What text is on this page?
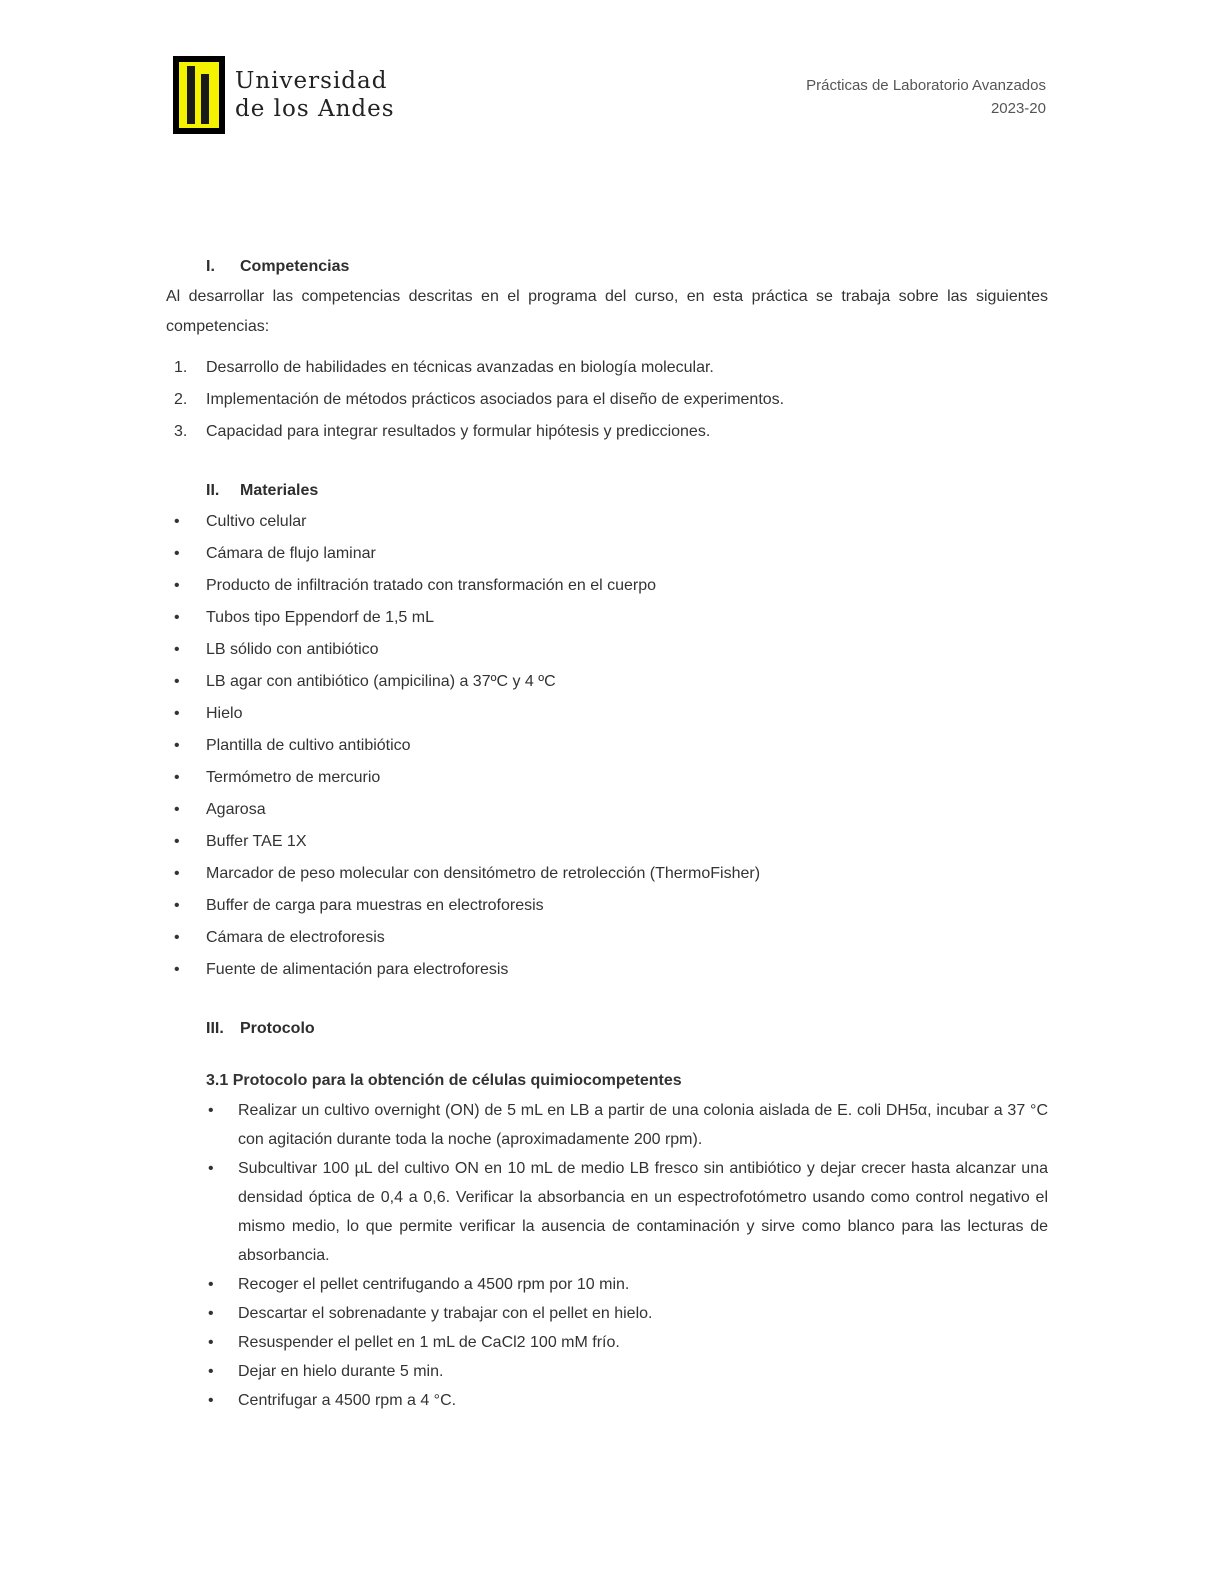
Universidad
de los Andes
Prácticas de Laboratorio Avanzados
2023-20
I. Competencias

Al desarrollar las competencias descritas en el programa del curso, en esta práctica se trabaja sobre las siguientes competencias:

1.	Desarrollo de habilidades en técnicas avanzadas en biología molecular.
2.	Implementación de métodos prácticos asociados para el diseño de experimentos.
3.	Capacidad para integrar resultados y formular hipótesis y predicciones.
II. Materiales
•	Cultivo celular
•	Cámara de flujo laminar
•	Producto de infiltración tratado con transformación en el cuerpo
•	Tubos tipo Eppendorf de 1,5 mL
•	LB sólido con antibiótico
•	LB agar con antibiótico (ampicilina) a 37ºC y 4 ºC
•	Hielo
•	Plantilla de cultivo antibiótico
•	Termómetro de mercurio
•	Agarosa
•	Buffer TAE 1X
•	Marcador de peso molecular con densitómetro de retrolección (ThermoFisher)
•	Buffer de carga para muestras en electroforesis
•	Cámara de electroforesis
•	Fuente de alimentación para electroforesis
III. Protocolo
3.1 Protocolo para la obtención de células quimiocompetentes
• Realizar un cultivo overnight (ON) de 5 mL en LB a partir de una colonia aislada de E. coli DH5α, incubar a 37 °C con agitación durante toda la noche (aproximadamente 200 rpm).
• Subcultivar 100 µL del cultivo ON en 10 mL de medio LB fresco sin antibiótico y dejar crecer hasta alcanzar una densidad óptica de 0,4 a 0,6. Verificar la absorbancia en un espectrofotómetro usando como control negativo el mismo medio, lo que permite verificar la ausencia de contaminación y sirve como blanco para las lecturas de absorbancia.
• Recoger el pellet centrifugando a 4500 rpm por 10 min.
• Descartar el sobrenadante y trabajar con el pellet en hielo.
• Resuspender el pellet en 1 mL de CaCl2 100 mM frío.
• Dejar en hielo durante 5 min.
• Centrifugar a 4500 rpm a 4 °C.
